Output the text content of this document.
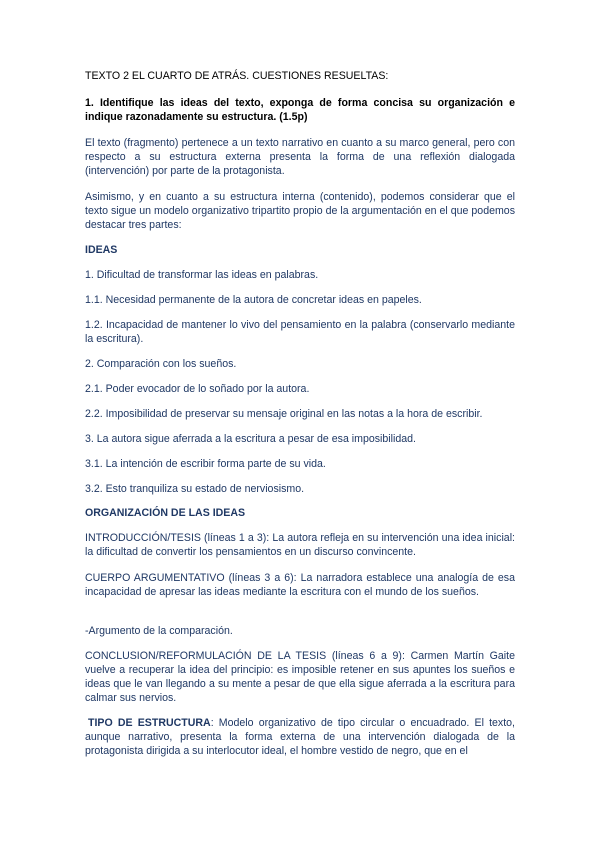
TEXTO 2 EL CUARTO DE ATRÁS. CUESTIONES RESUELTAS:
1. Identifique las ideas del texto, exponga de forma concisa su organización e indique razonadamente su estructura. (1.5p)
El texto (fragmento) pertenece a un texto narrativo en cuanto a su marco general, pero con respecto a su estructura externa presenta la forma de una reflexión dialogada (intervención) por parte de la protagonista.
Asimismo, y en cuanto a su estructura interna (contenido), podemos considerar que el texto sigue un modelo organizativo tripartito propio de la argumentación en el que podemos destacar tres partes:
IDEAS
1. Dificultad de transformar las ideas en palabras.
1.1. Necesidad permanente de la autora de concretar ideas en papeles.
1.2. Incapacidad de mantener lo vivo del pensamiento en la palabra (conservarlo mediante la escritura).
2. Comparación con los sueños.
2.1. Poder evocador de lo soñado por la autora.
2.2. Imposibilidad de preservar su mensaje original en las notas a la hora de escribir.
3. La autora sigue aferrada a la escritura a pesar de esa imposibilidad.
3.1. La intención de escribir forma parte de su vida.
3.2. Esto tranquiliza su estado de nerviosismo.
ORGANIZACIÓN DE LAS IDEAS
INTRODUCCIÓN/TESIS (líneas 1 a 3): La autora refleja en su intervención una idea inicial: la dificultad de convertir los pensamientos en un discurso convincente.
CUERPO ARGUMENTATIVO (líneas 3 a 6): La narradora establece una analogía de esa incapacidad de apresar las ideas mediante la escritura con el mundo de los sueños.
-Argumento de la comparación.
CONCLUSION/REFORMULACIÓN DE LA TESIS (líneas 6 a 9): Carmen Martín Gaite vuelve a recuperar la idea del principio: es imposible retener en sus apuntes los sueños e ideas que le van llegando a su mente a pesar de que ella sigue aferrada a la escritura para calmar sus nervios.
TIPO DE ESTRUCTURA: Modelo organizativo de tipo circular o encuadrado. El texto, aunque narrativo, presenta la forma externa de una intervención dialogada de la protagonista dirigida a su interlocutor ideal, el hombre vestido de negro, que en el
